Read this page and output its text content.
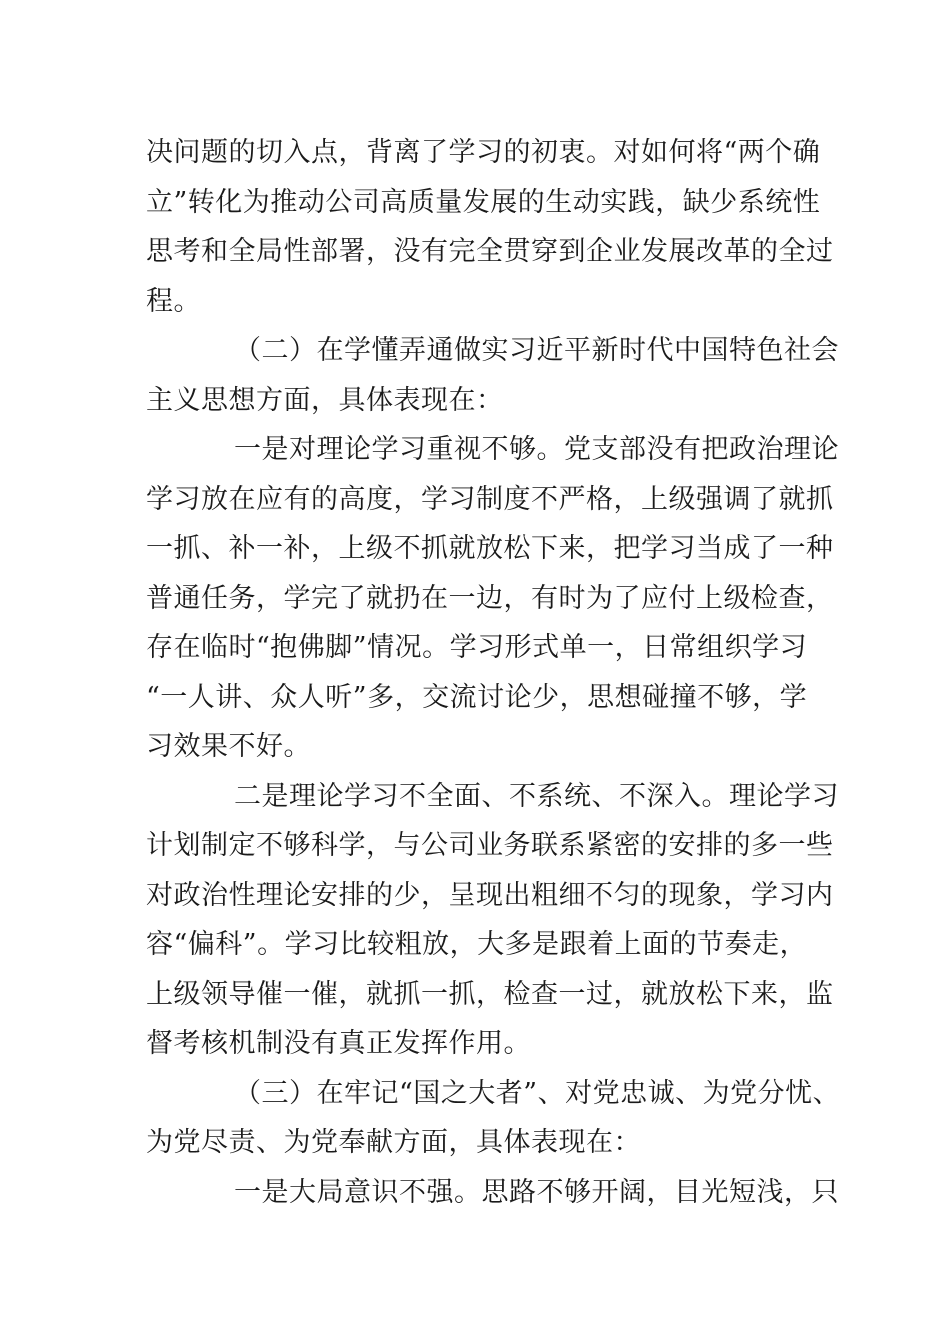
决问题的切入点，背离了学习的初衷。对如何将“两个确
立”转化为推动公司高质量发展的生动实践，缺少系统性
思考和全局性部署，没有完全贯穿到企业发展改革的全过
程。
（二）在学懂弄通做实习近平新时代中国特色社会
主义思想方面，具体表现在：
一是对理论学习重视不够。党支部没有把政治理论
学习放在应有的高度，学习制度不严格，上级强调了就抓
一抓、补一补，上级不抓就放松下来，把学习当成了一种
普通任务，学完了就扔在一边，有时为了应付上级检查，
存在临时“抱佛脚”情况。学习形式单一，日常组织学习
“一人讲、众人听”多，交流讨论少，思想碰撞不够，学
习效果不好。
二是理论学习不全面、不系统、不深入。理论学习
计划制定不够科学，与公司业务联系紧密的安排的多一些
对政治性理论安排的少，呈现出粗细不匀的现象，学习内
容“偏科”。学习比较粗放，大多是跟着上面的节奏走，
上级领导催一催，就抓一抓，检查一过，就放松下来，监
督考核机制没有真正发挥作用。
（三）在牢记“国之大者”、对党忠诚、为党分忧、
为党尽责、为党奉献方面，具体表现在：
一是大局意识不强。思路不够开阔，目光短浅，只
